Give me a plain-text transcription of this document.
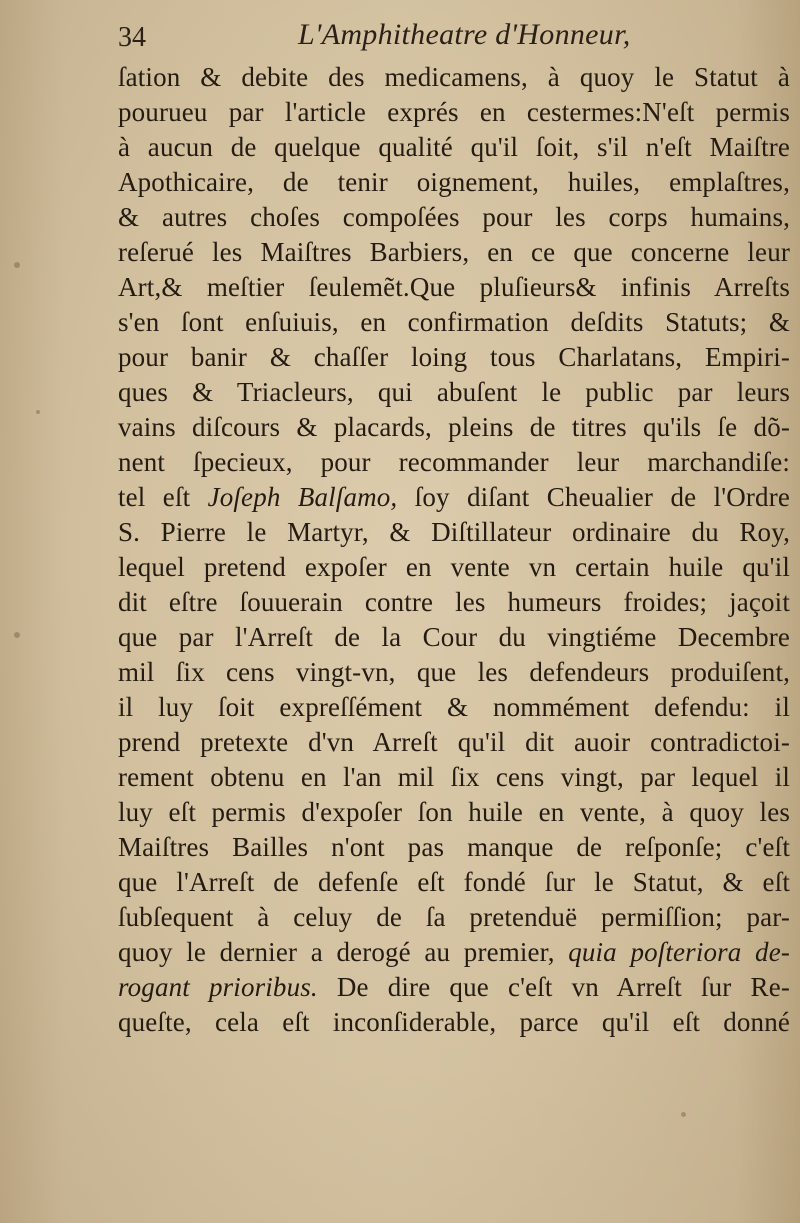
34	L'Amphitheatre d'Honneur,
ſation & debite des medicamens, à quoy le Statut à
pourueu par l'article exprés en cestermes:N'eſt permis
à aucun de quelque qualité qu'il ſoit, s'il n'eſt Maiſtre
Apothicaire, de tenir oignement, huiles, emplaſtres,
& autres choſes compoſées pour les corps humains,
reſerué les Maiſtres Barbiers, en ce que concerne leur
Art,& meſtier ſeulemẽt.Que pluſieurs& infinis Arreſts
s'en ſont enſuiuis, en confirmation deſdits Statuts; &
pour banir & chaſſer loing tous Charlatans, Empiri-
ques & Triacleurs, qui abuſent le public par leurs
vains diſcours & placards, pleins de titres qu'ils ſe dõ-
nent ſpecieux, pour recommander leur marchandiſe:
tel eſt Joſeph Balſamo, ſoy diſant Cheualier de l'Ordre
S. Pierre le Martyr, & Diſtillateur ordinaire du Roy,
lequel pretend expoſer en vente vn certain huile qu'il
dit eſtre ſouuerain contre les humeurs froides; jaçoit
que par l'Arreſt de la Cour du vingtiéme Decembre
mil ſix cens vingt-vn, que les defendeurs produiſent,
il luy ſoit expreſſément & nommément defendu: il
prend pretexte d'vn Arreſt qu'il dit auoir contradictoi-
rement obtenu en l'an mil ſix cens vingt, par lequel il
luy eſt permis d'expoſer ſon huile en vente, à quoy les
Maiſtres Bailles n'ont pas manque de reſponſe; c'eſt
que l'Arreſt de defenſe eſt fondé ſur le Statut, & eſt
ſubſequent à celuy de ſa pretenduë permiſſion; par-
quoy le dernier a derogé au premier, quia poſteriora de-
rogant prioribus. De dire que c'eſt vn Arreſt ſur Re-
queſte, cela eſt inconſiderable, parce qu'il eſt donné
